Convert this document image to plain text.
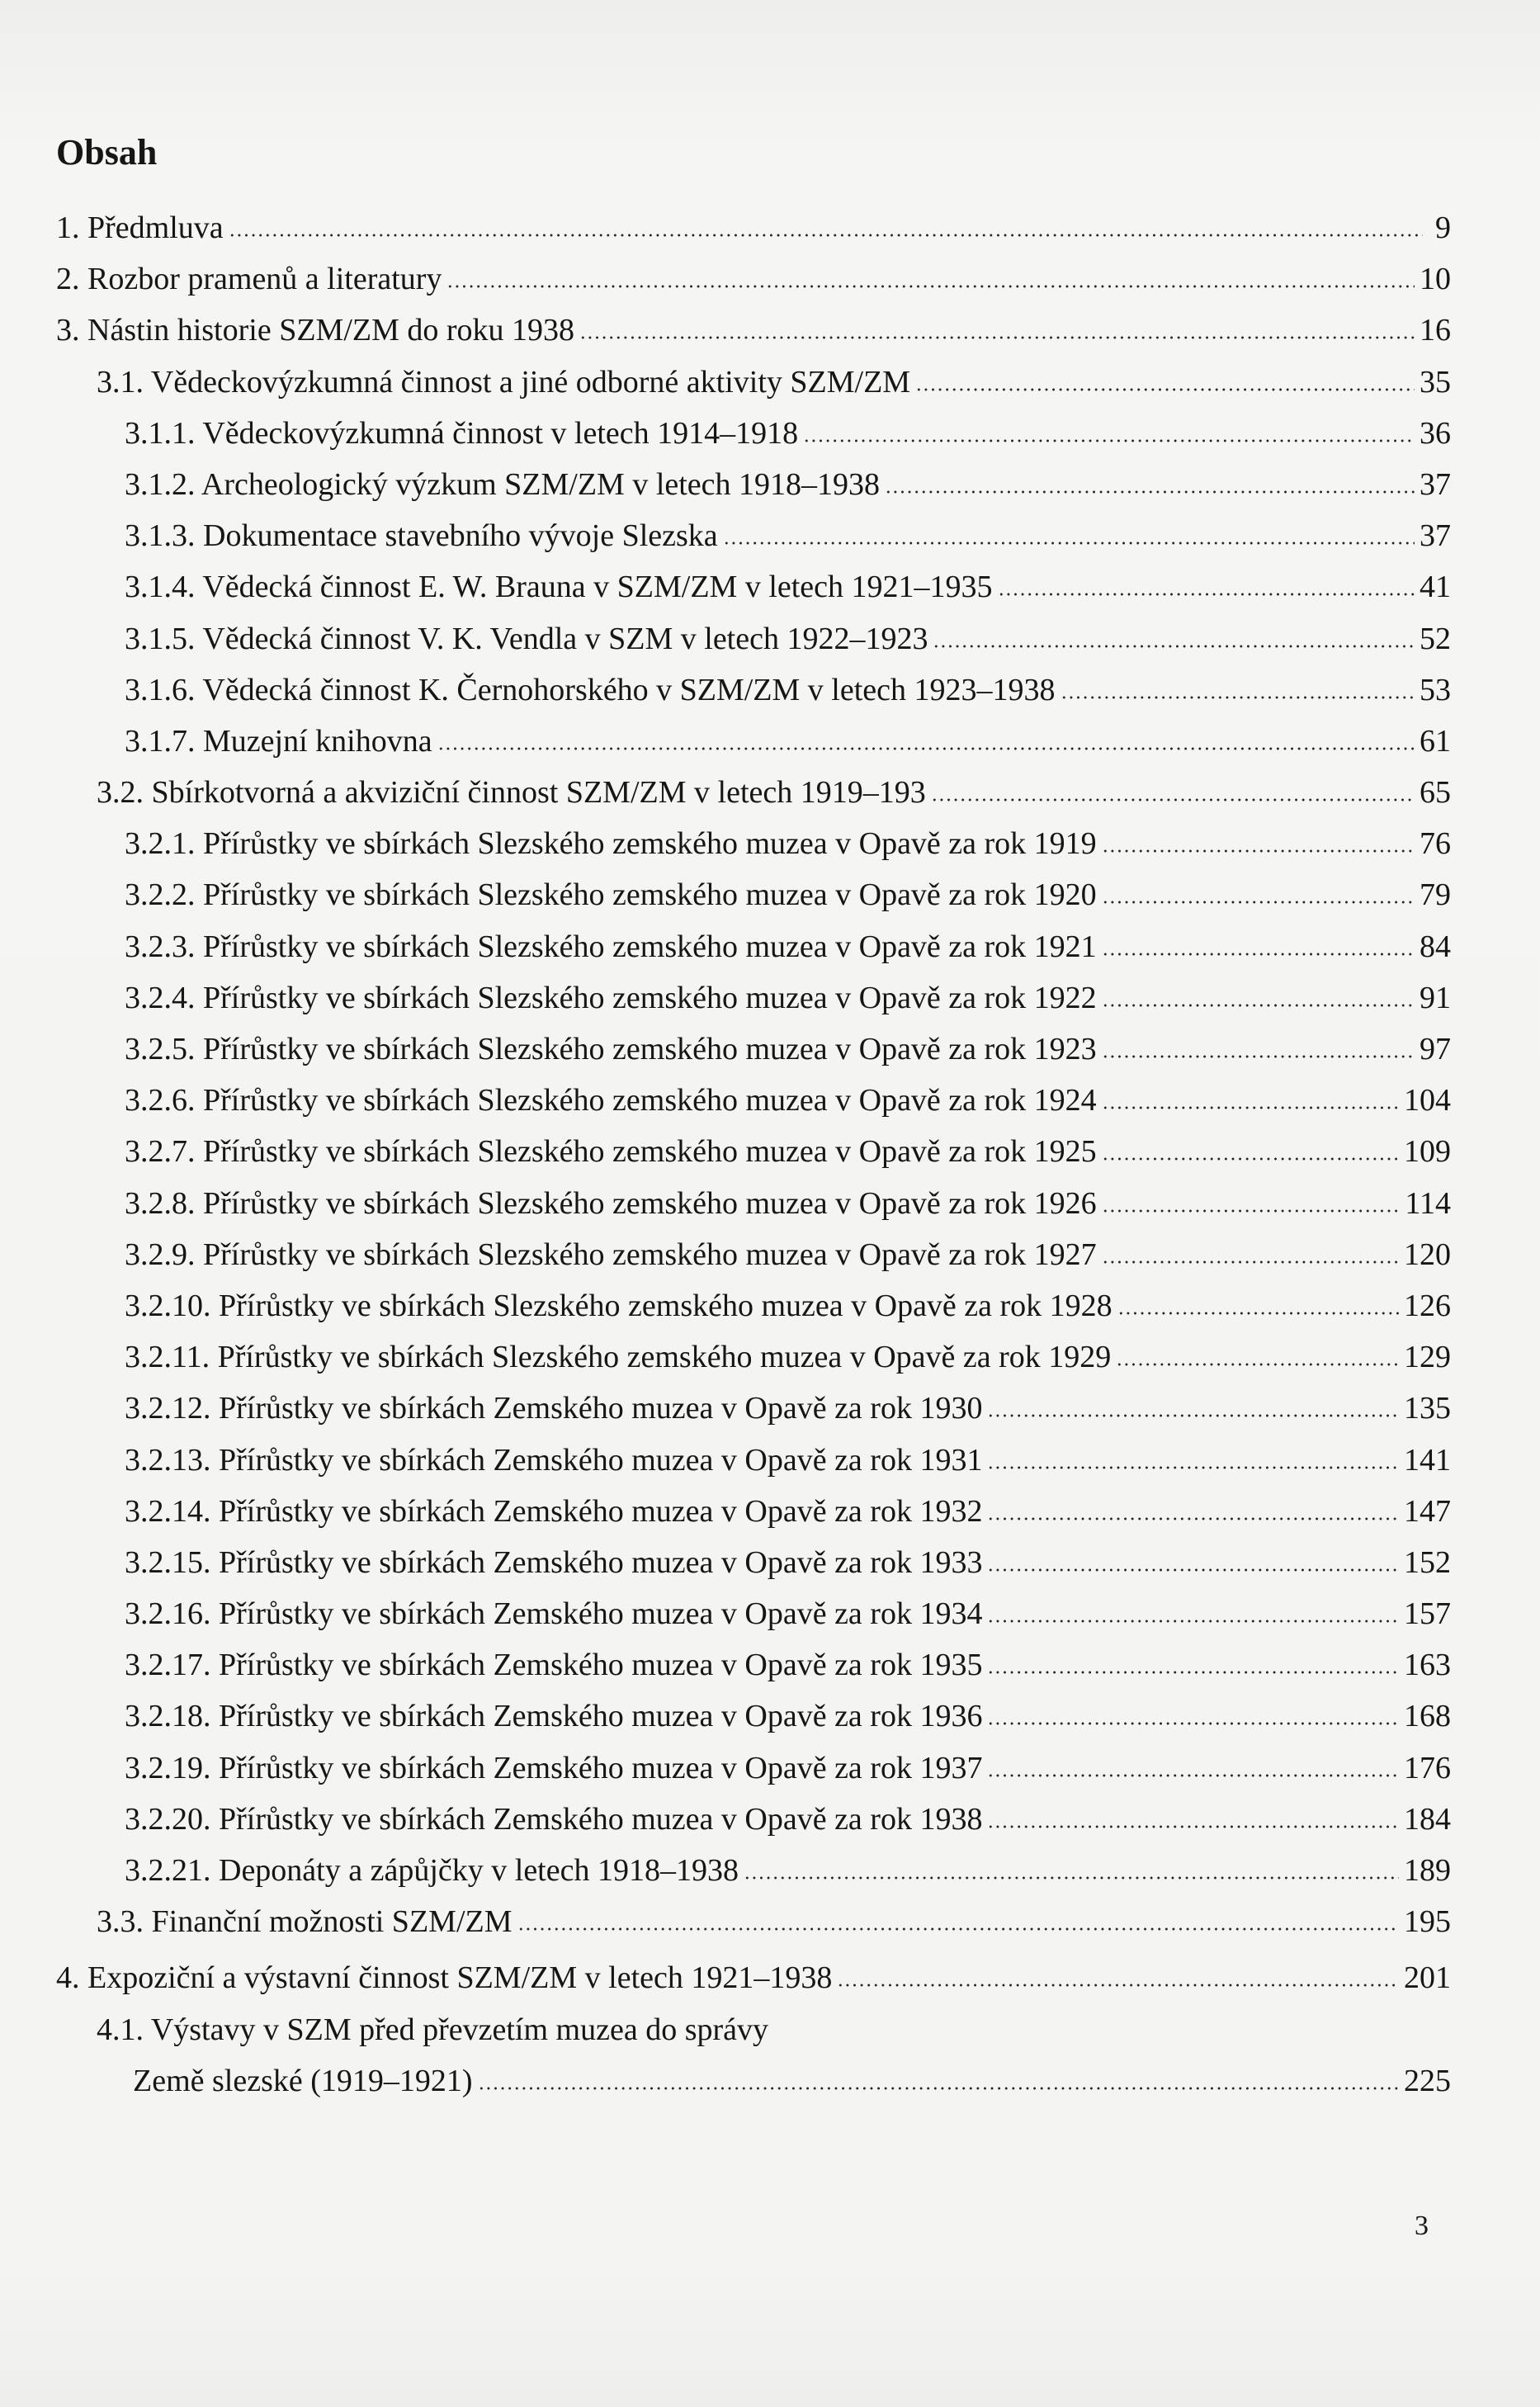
Obsah
1. Předmluva	9
2. Rozbor pramenů a literatury	10
3. Nástin historie SZM/ZM do roku 1938	16
3.1. Vědeckovýzkumná činnost a jiné odborné aktivity SZM/ZM	35
3.1.1. Vědeckovýzkumná činnost v letech 1914–1918	36
3.1.2. Archeologický výzkum SZM/ZM v letech 1918–1938	37
3.1.3. Dokumentace stavebního vývoje Slezska	37
3.1.4. Vědecká činnost E. W. Brauna v SZM/ZM v letech 1921–1935	41
3.1.5. Vědecká činnost V. K. Vendla v SZM v letech 1922–1923	52
3.1.6. Vědecká činnost K. Černohorského v SZM/ZM v letech 1923–1938	53
3.1.7. Muzejní knihovna	61
3.2. Sbírkotvorná a akviziční činnost SZM/ZM v letech 1919–193	65
3.2.1. Přírůstky ve sbírkách Slezského zemského muzea v Opavě za rok 1919	76
3.2.2. Přírůstky ve sbírkách Slezského zemského muzea v Opavě za rok 1920	79
3.2.3. Přírůstky ve sbírkách Slezského zemského muzea v Opavě za rok 1921	84
3.2.4. Přírůstky ve sbírkách Slezského zemského muzea v Opavě za rok 1922	91
3.2.5. Přírůstky ve sbírkách Slezského zemského muzea v Opavě za rok 1923	97
3.2.6. Přírůstky ve sbírkách Slezského zemského muzea v Opavě za rok 1924	104
3.2.7. Přírůstky ve sbírkách Slezského zemského muzea v Opavě za rok 1925	109
3.2.8. Přírůstky ve sbírkách Slezského zemského muzea v Opavě za rok 1926	114
3.2.9. Přírůstky ve sbírkách Slezského zemského muzea v Opavě za rok 1927	120
3.2.10. Přírůstky ve sbírkách Slezského zemského muzea v Opavě za rok 1928	126
3.2.11. Přírůstky ve sbírkách Slezského zemského muzea v Opavě za rok 1929	129
3.2.12. Přírůstky ve sbírkách Zemského muzea v Opavě za rok 1930	135
3.2.13. Přírůstky ve sbírkách Zemského muzea v Opavě za rok 1931	141
3.2.14. Přírůstky ve sbírkách Zemského muzea v Opavě za rok 1932	147
3.2.15. Přírůstky ve sbírkách Zemského muzea v Opavě za rok 1933	152
3.2.16. Přírůstky ve sbírkách Zemského muzea v Opavě za rok 1934	157
3.2.17. Přírůstky ve sbírkách Zemského muzea v Opavě za rok 1935	163
3.2.18. Přírůstky ve sbírkách Zemského muzea v Opavě za rok 1936	168
3.2.19. Přírůstky ve sbírkách Zemského muzea v Opavě za rok 1937	176
3.2.20. Přírůstky ve sbírkách Zemského muzea v Opavě za rok 1938	184
3.2.21. Deponáty a zápůjčky v letech 1918–1938	189
3.3. Finanční možnosti SZM/ZM	195
4. Expoziční a výstavní činnost SZM/ZM v letech 1921–1938	201
4.1. Výstavy v SZM před převzetím muzea do správy
Země slezské (1919–1921)	225
3
